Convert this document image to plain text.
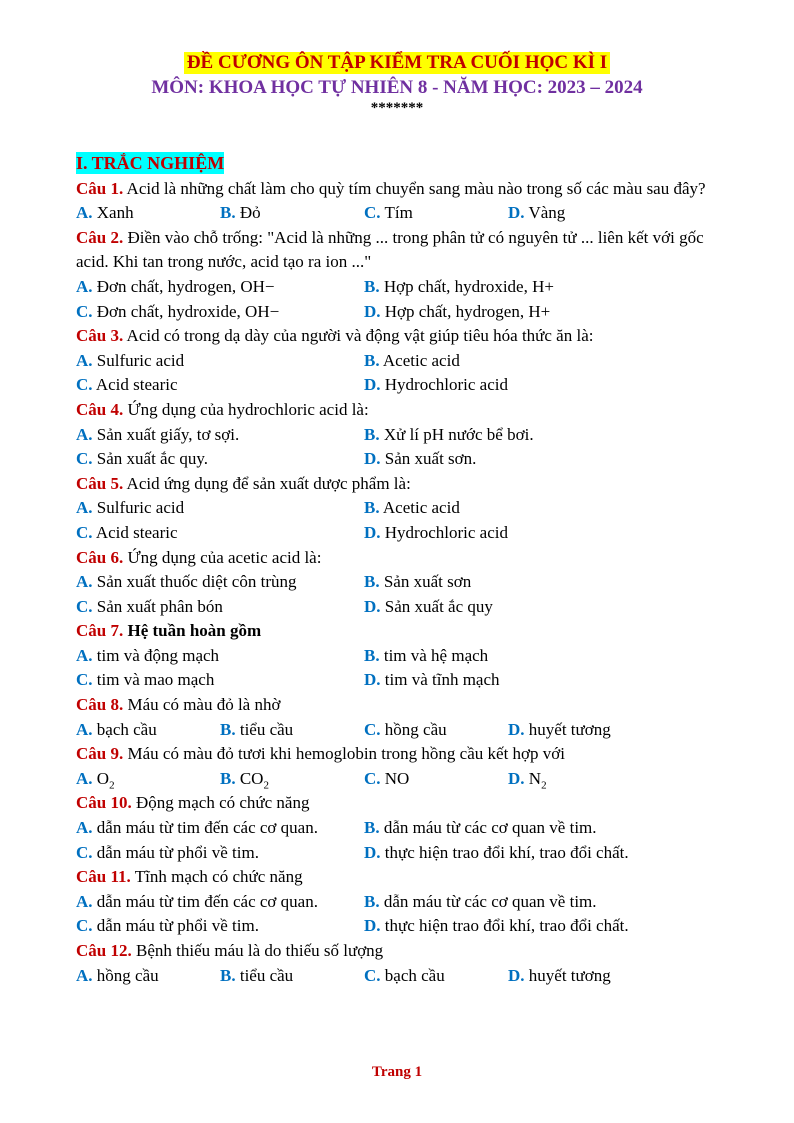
ĐỀ CƯƠNG ÔN TẬP KIỂM TRA CUỐI HỌC KÌ I
MÔN: KHOA HỌC TỰ NHIÊN 8 - NĂM HỌC: 2023 – 2024
*******
I. TRẮC NGHIỆM
Câu 1. Acid là những chất làm cho quỳ tím chuyển sang màu nào trong số các màu sau đây?
A. Xanh	B. Đỏ	C. Tím	D. Vàng
Câu 2. Điền vào chỗ trống: "Acid là những ... trong phân tử có nguyên tử ... liên kết với gốc acid. Khi tan trong nước, acid tạo ra ion ..."
A. Đơn chất, hydrogen, OH−	B. Hợp chất, hydroxide, H+
C. Đơn chất, hydroxide, OH−	D. Hợp chất, hydrogen, H+
Câu 3. Acid có trong dạ dày của người và động vật giúp tiêu hóa thức ăn là:
A. Sulfuric acid	B. Acetic acid
C. Acid stearic	D. Hydrochloric acid
Câu 4. Ứng dụng của hydrochloric acid là:
A. Sản xuất giấy, tơ sợi.	B. Xử lí pH nước bể bơi.
C. Sản xuất ắc quy.	D. Sản xuất sơn.
Câu 5. Acid ứng dụng để sản xuất dược phẩm là:
A. Sulfuric acid	B. Acetic acid
C. Acid stearic	D. Hydrochloric acid
Câu 6. Ứng dụng của acetic acid là:
A. Sản xuất thuốc diệt côn trùng	B. Sản xuất sơn
C. Sản xuất phân bón	D. Sản xuất ắc quy
Câu 7. Hệ tuần hoàn gồm
A. tim và động mạch	B. tim và hệ mạch
C. tim và mao mạch	D. tim và tĩnh mạch
Câu 8. Máu có màu đỏ là nhờ
A. bạch cầu	B. tiểu cầu	C. hồng cầu	D. huyết tương
Câu 9. Máu có màu đỏ tươi khi hemoglobin trong hồng cầu kết hợp với
A. $O_2$	B. $CO_2$	C. NO	D. $N_2$
Câu 10. Động mạch có chức năng
A. dẫn máu từ tim đến các cơ quan.	B. dẫn máu từ các cơ quan về tim.
C. dẫn máu từ phổi về tim.	D. thực hiện trao đổi khí, trao đổi chất.
Câu 11. Tĩnh mạch có chức năng
A. dẫn máu từ tim đến các cơ quan.	B. dẫn máu từ các cơ quan về tim.
C. dẫn máu từ phổi về tim.	D. thực hiện trao đổi khí, trao đổi chất.
Câu 12. Bệnh thiếu máu là do thiếu số lượng
A. hồng cầu	B. tiểu cầu	C. bạch cầu	D. huyết tương
Trang 1
